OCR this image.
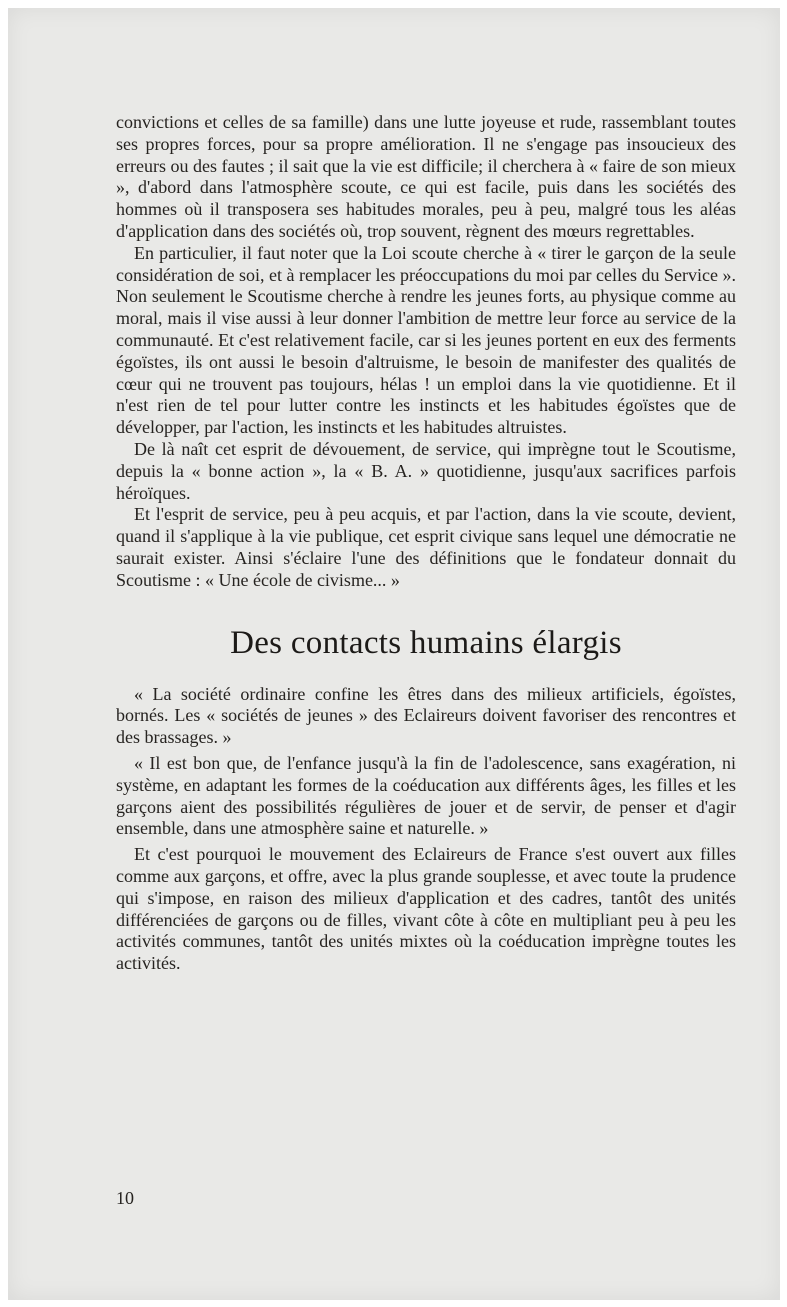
convictions et celles de sa famille) dans une lutte joyeuse et rude, rassemblant toutes ses propres forces, pour sa propre amélioration. Il ne s'engage pas insoucieux des erreurs ou des fautes ; il sait que la vie est difficile; il cherchera à « faire de son mieux », d'abord dans l'atmosphère scoute, ce qui est facile, puis dans les sociétés des hommes où il transposera ses habitudes morales, peu à peu, malgré tous les aléas d'application dans des sociétés où, trop souvent, règnent des mœurs regrettables.

En particulier, il faut noter que la Loi scoute cherche à « tirer le garçon de la seule considération de soi, et à remplacer les préoccupations du moi par celles du Service ». Non seulement le Scoutisme cherche à rendre les jeunes forts, au physique comme au moral, mais il vise aussi à leur donner l'ambition de mettre leur force au service de la communauté. Et c'est relativement facile, car si les jeunes portent en eux des ferments égoïstes, ils ont aussi le besoin d'altruisme, le besoin de manifester des qualités de cœur qui ne trouvent pas toujours, hélas ! un emploi dans la vie quotidienne. Et il n'est rien de tel pour lutter contre les instincts et les habitudes égoïstes que de développer, par l'action, les instincts et les habitudes altruistes.

De là naît cet esprit de dévouement, de service, qui imprègne tout le Scoutisme, depuis la « bonne action », la « B. A. » quotidienne, jusqu'aux sacrifices parfois héroïques.

Et l'esprit de service, peu à peu acquis, et par l'action, dans la vie scoute, devient, quand il s'applique à la vie publique, cet esprit civique sans lequel une démocratie ne saurait exister. Ainsi s'éclaire l'une des définitions que le fondateur donnait du Scoutisme : « Une école de civisme... »

Des contacts humains élargis

« La société ordinaire confine les êtres dans des milieux artificiels, égoïstes, bornés. Les « sociétés de jeunes » des Eclaireurs doivent favoriser des rencontres et des brassages. »

« Il est bon que, de l'enfance jusqu'à la fin de l'adolescence, sans exagération, ni système, en adaptant les formes de la coéducation aux différents âges, les filles et les garçons aient des possibilités régulières de jouer et de servir, de penser et d'agir ensemble, dans une atmosphère saine et naturelle. »

Et c'est pourquoi le mouvement des Eclaireurs de France s'est ouvert aux filles comme aux garçons, et offre, avec la plus grande souplesse, et avec toute la prudence qui s'impose, en raison des milieux d'application et des cadres, tantôt des unités différenciées de garçons ou de filles, vivant côte à côte en multipliant peu à peu les activités communes, tantôt des unités mixtes où la coéducation imprègne toutes les activités.

10
